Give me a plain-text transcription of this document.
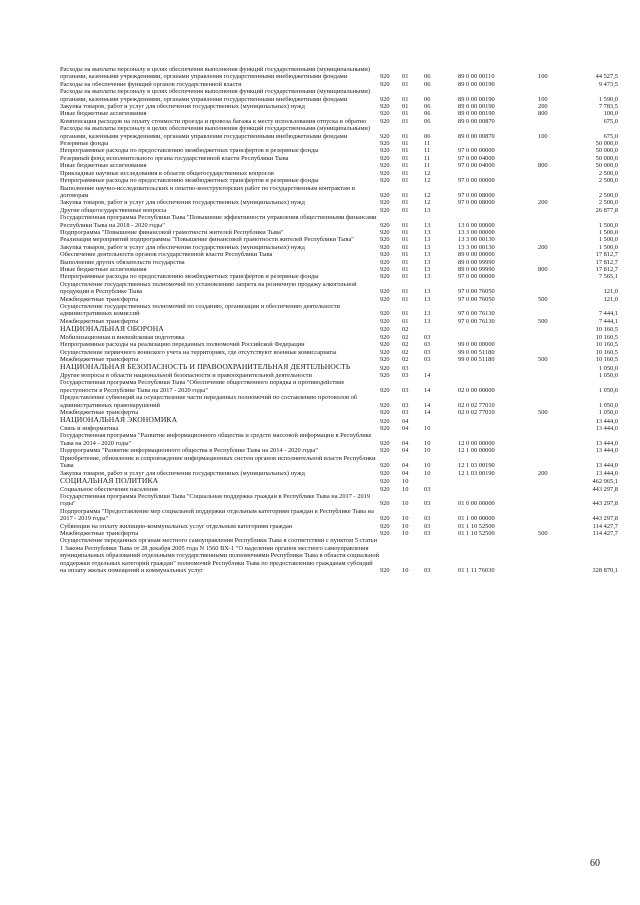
Расходы на выплаты персоналу в целях обеспечения выполнения функций государственными (муниципальными) органами, казенными учреждениями, органами управления государственными внебюджетными фондами	920	01	06	89 0 00 00110	100	44 527,5
Расходы на обеспечение функций органов государственной власти	920	01	06	89 0 00 00190		9 473,5
Расходы на выплаты персоналу в целях обеспечения выполнения функций государственными (муниципальными) органами, казенными учреждениями, органами управления государственными внебюджетными фондами	920	01	06	89 0 00 00190	100	1 590,0
Закупка товаров, работ и услуг для обеспечения государственных (муниципальных) нужд	920	01	06	89 0 00 00190	200	7 783,5
Иные бюджетные ассигнования	920	01	06	89 0 00 00190	800	100,0
Компенсация расходов на оплату стоимости проезда и провоза багажа к месту использования отпуска и обратно	920	01	06	89 0 00 00870		675,0
Расходы на выплаты персоналу в целях обеспечения выполнения функций государственными (муниципальными) органами, казенными учреждениями, органами управления государственными внебюджетными фондами	920	01	06	89 0 00 00870	100	675,0
Резервные фонды	920	01	11			50 000,0
Непрограммные расходы по предоставлению межбюджетных трансфертов и резервные фонды	920	01	11	97 0 00 00000		50 000,0
Резервный фонд исполнительного органа государственной власти Республики Тыва	920	01	11	97 0 00 04000		50 000,0
Иные бюджетные ассигнования	920	01	11	97 0 00 04000	800	50 000,0
Прикладные научные исследования в области общегосударственных вопросов	920	01	12			2 500,0
Непрограммные расходы по предоставлению межбюджетных трансфертов и резервные фонды	920	01	12	97 0 00 00000		2 500,0
Выполнение научно-исследовательских и опытно-конструкторских работ по государственным контрактам и договорам	920	01	12	97 0 00 08000		2 500,0
Закупка товаров, работ и услуг для обеспечения государственных (муниципальных) нужд	920	01	12	97 0 00 08000	200	2 500,0
Другие общегосударственные вопросы	920	01	13			26 877,8
Государственная программа Республики Тыва "Повышение эффективности управления общественными финансами Республики Тыва на 2018 - 2020 годы"	920	01	13	13 0 00 00000		1 500,0
Подпрограмма "Повышение финансовой грамотности жителей Республики Тыва"	920	01	13	13 3 00 00000		1 500,0
Реализация мероприятий подпрограммы "Повышение финансовой грамотности жителей Республики Тыва"	920	01	13	13 3 00 00130		1 500,0
Закупка товаров, работ и услуг для обеспечения государственных (муниципальных) нужд	920	01	13	13 3 00 00130	200	1 500,0
Обеспечение деятельности органов государственной власти Республики Тыва	920	01	13	89 0 00 00000		17 812,7
Выполнение других обязательств государства	920	01	13	89 0 00 99990		17 812,7
Иные бюджетные ассигнования	920	01	13	89 0 00 99990	800	17 812,7
Непрограммные расходы по предоставлению межбюджетных трансфертов и резервные фонды	920	01	13	97 0 00 00000		7 565,1
Осуществление государственных полномочий по установлению запрета на розничную продажу алкогольной продукции в Республике Тыва	920	01	13	97 0 00 76050		121,0
Межбюджетные трансферты	920	01	13	97 0 00 76050	500	121,0
Осуществление государственных полномочий по созданию, организации и обеспечению деятельности административных комиссий	920	01	13	97 0 00 76130		7 444,1
Межбюджетные трансферты	920	01	13	97 0 00 76130	500	7 444,1
НАЦИОНАЛЬНАЯ ОБОРОНА	920	02				10 160,5
Мобилизационная и вневойсковая подготовка	920	02	03			10 160,5
Непрограммные расходы на реализацию переданных полномочий Российской Федерации	920	02	03	99 0 00 00000		10 160,5
Осуществление первичного воинского учета на территориях, где отсутствуют военные комиссариаты	920	02	03	99 0 00 51180		10 160,5
Межбюджетные трансферты	920	02	03	99 0 00 51180	500	10 160,5
НАЦИОНАЛЬНАЯ БЕЗОПАСНОСТЬ И ПРАВООХРАНИТЕЛЬНАЯ ДЕЯТЕЛЬНОСТЬ	920	03				1 050,0
Другие вопросы в области национальной безопасности и правоохранительной деятельности	920	03	14			1 050,0
Государственная программа Республики Тыва "Обеспечение общественного порядка и противодействие преступности в Республике Тыва на 2017 - 2020 годы"	920	03	14	02 0 00 00000		1 050,0
Предоставление субвенций на осуществление части переданных полномочий по составлению протоколов об административных правонарушений	920	03	14	02 0 02 77010		1 050,0
Межбюджетные трансферты	920	03	14	02 0 02 77010	500	1 050,0
НАЦИОНАЛЬНАЯ ЭКОНОМИКА	920	04				13 444,0
Связь и информатика	920	04	10			13 444,0
Государственная программа "Развитие информационного общества и средств массовой информации в Республике Тыва на 2014 - 2020 годы"	920	04	10	12 0 00 00000		13 444,0
Подпрограмма "Развитие информационного общества в Республике Тыва на 2014 - 2020 годы"	920	04	10	12 1 00 00000		13 444,0
Приобретение, обновление и сопровождение информационных систем органов исполнительной власти Республики Тыва	920	04	10	12 1 03 00190		13 444,0
Закупка товаров, работ и услуг для обеспечения государственных (муниципальных) нужд	920	04	10	12 1 03 00190	200	13 444,0
СОЦИАЛЬНАЯ ПОЛИТИКА	920	10				462 965,1
Социальное обеспечение населения	920	10	03			443 297,8
Государственная программа Республики Тыва "Социальная поддержка граждан в Республике Тыва на 2017 - 2019 годы"	920	10	03	01 0 00 00000		443 297,8
Подпрограмма "Предоставление мер социальной поддержки отдельным категориям граждан в Республике Тыва на 2017 - 2019 годы"	920	10	03	01 1 00 00000		443 297,8
Субвенции на оплату жилищно-коммунальных услуг отдельным категориям граждан	920	10	03	01 1 10 52500		114 427,7
Межбюджетные трансферты	920	10	03	01 1 10 52500	500	114 427,7
Осуществление переданных органам местного самоуправления Республики Тыва в соответствии с пунктом 5 статьи 1 Закона Республики Тыва от 28 декабря 2005 года N 1560 ВХ-1 "О наделении органов местного самоуправления муниципальных образований отдельными государственными полномочиями Республики Тыва в области социальной поддержки отдельных категорий граждан" полномочий Республики Тыва по предоставлению гражданам субсидий на оплату жилых помещений и коммунальных услуг	920	10	03	01 1 11 76030		328 870,1
60
